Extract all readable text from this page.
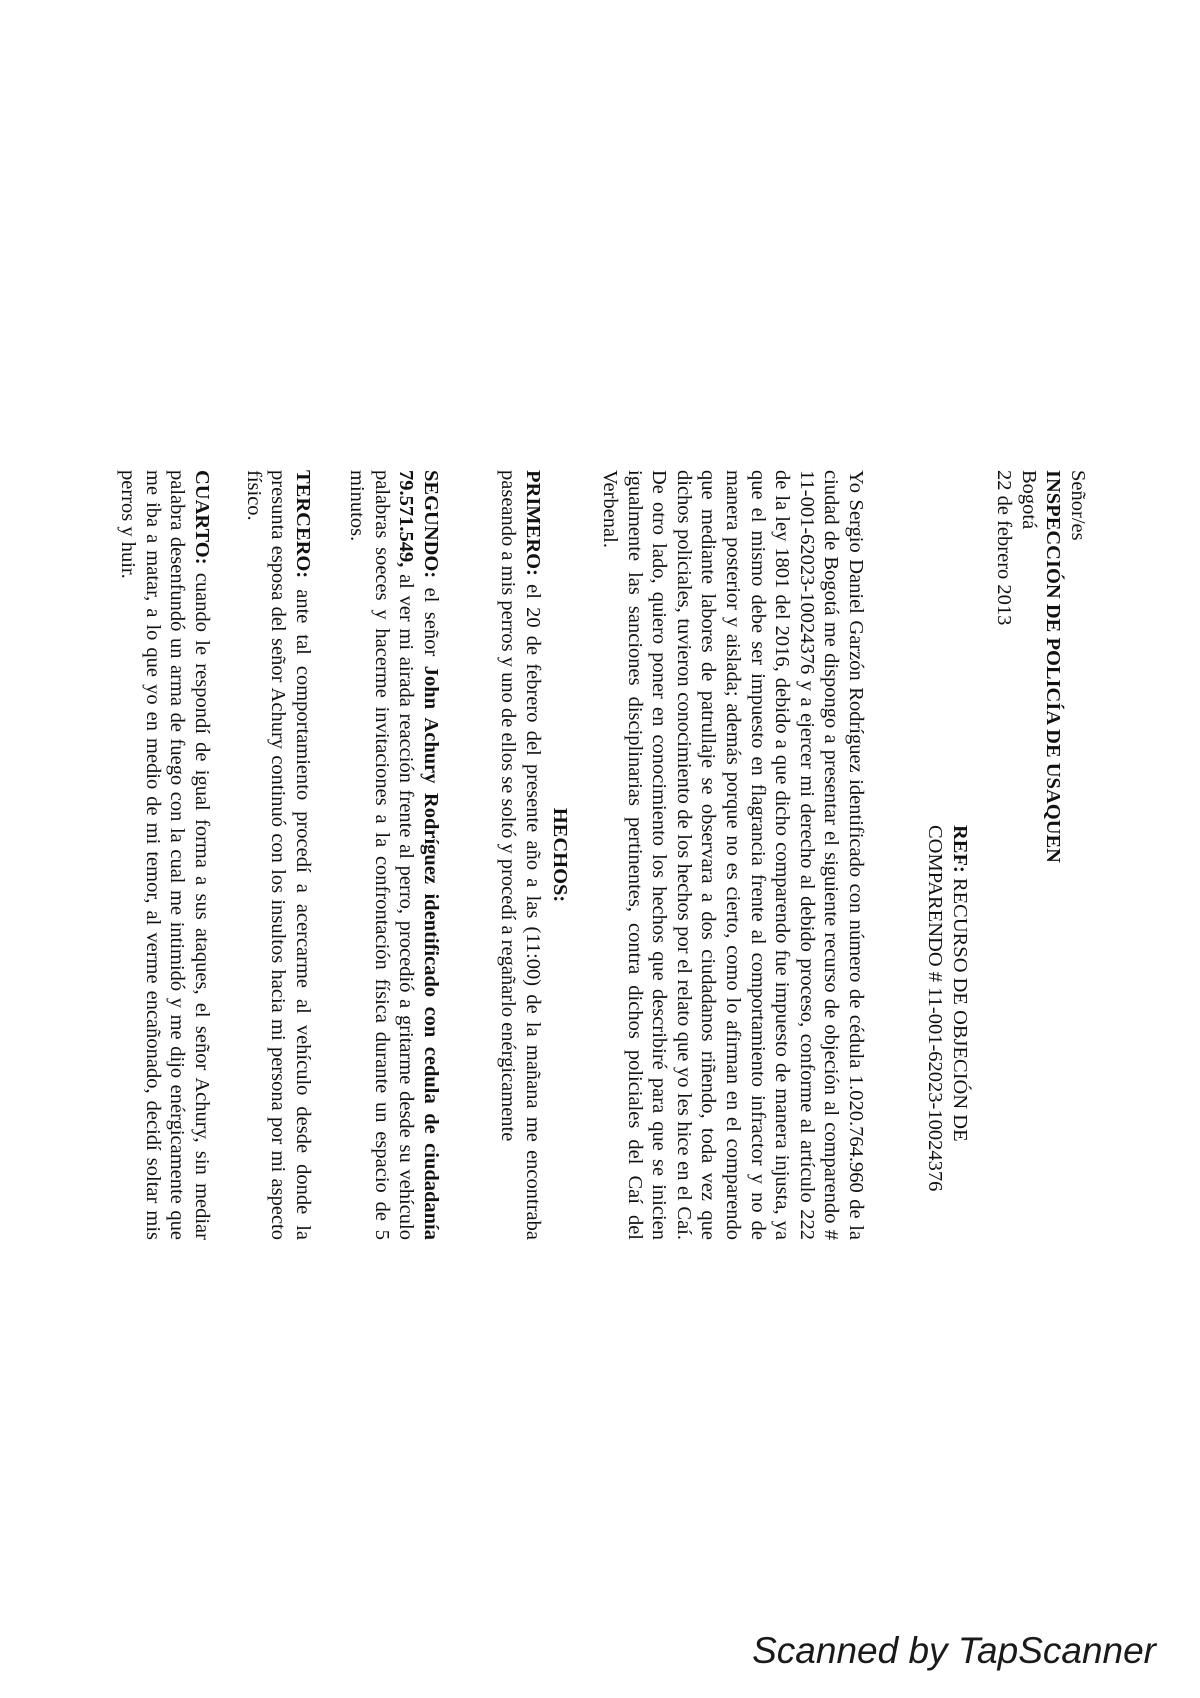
Señor/es
INSPECCIÓN DE POLICÍA DE USAQUEN
Bogotá
22 de febrero 2013
REF: RECURSO DE OBJECIÓN DE
COMPARENDO # 11-001-62023-10024376

Yo Sergio Daniel Garzón Rodríguez identificado con número de cédula 1.020.764.960 de la ciudad de Bogotá me dispongo a presentar el siguiente recurso de objeción al comparendo # 11-001-62023-10024376 y a ejercer mi derecho al debido proceso, conforme al artículo 222 de la ley 1801 del 2016, debido a que dicho comparendo fue impuesto de manera injusta, ya que el mismo debe ser impuesto en flagrancia frente al comportamiento infractor y no de manera posterior y aislada; además porque no es cierto, como lo afirman en el comparendo que mediante labores de patrullaje se observara a dos ciudadanos riñendo, toda vez que dichos policiales, tuvieron conocimiento de los hechos por el relato que yo les hice en el Caí. De otro lado, quiero poner en conocimiento los hechos que describiré para que se inicien igualmente las sanciones disciplinarias pertinentes, contra dichos policiales del Caí del Verbenal.

HECHOS:

PRIMERO: el 20 de febrero del presente año a las (11:00) de la mañana me encontraba paseando a mis perros y uno de ellos se soltó y procedí a regañarlo enérgicamente

SEGUNDO: el señor John Achury Rodríguez identificado con cedula de ciudadanía 79.571.549, al ver mi airada reacción frente al perro, procedió a gritarme desde su vehículo palabras soeces y hacerme invitaciones a la confrontación física durante un espacio de 5 minutos.

TERCERO: ante tal comportamiento procedí a acercarme al vehículo desde donde la presunta esposa del señor Achury continuó con los insultos hacia mi persona por mi aspecto físico.

CUARTO: cuando le respondí de igual forma a sus ataques, el señor Achury, sin mediar palabra desenfundó un arma de fuego con la cual me intimidó y me dijo enérgicamente que me iba a matar, a lo que yo en medio de mi temor, al verme encañonado, decidí soltar mis perros y huir.

Scanned by TapScanner
